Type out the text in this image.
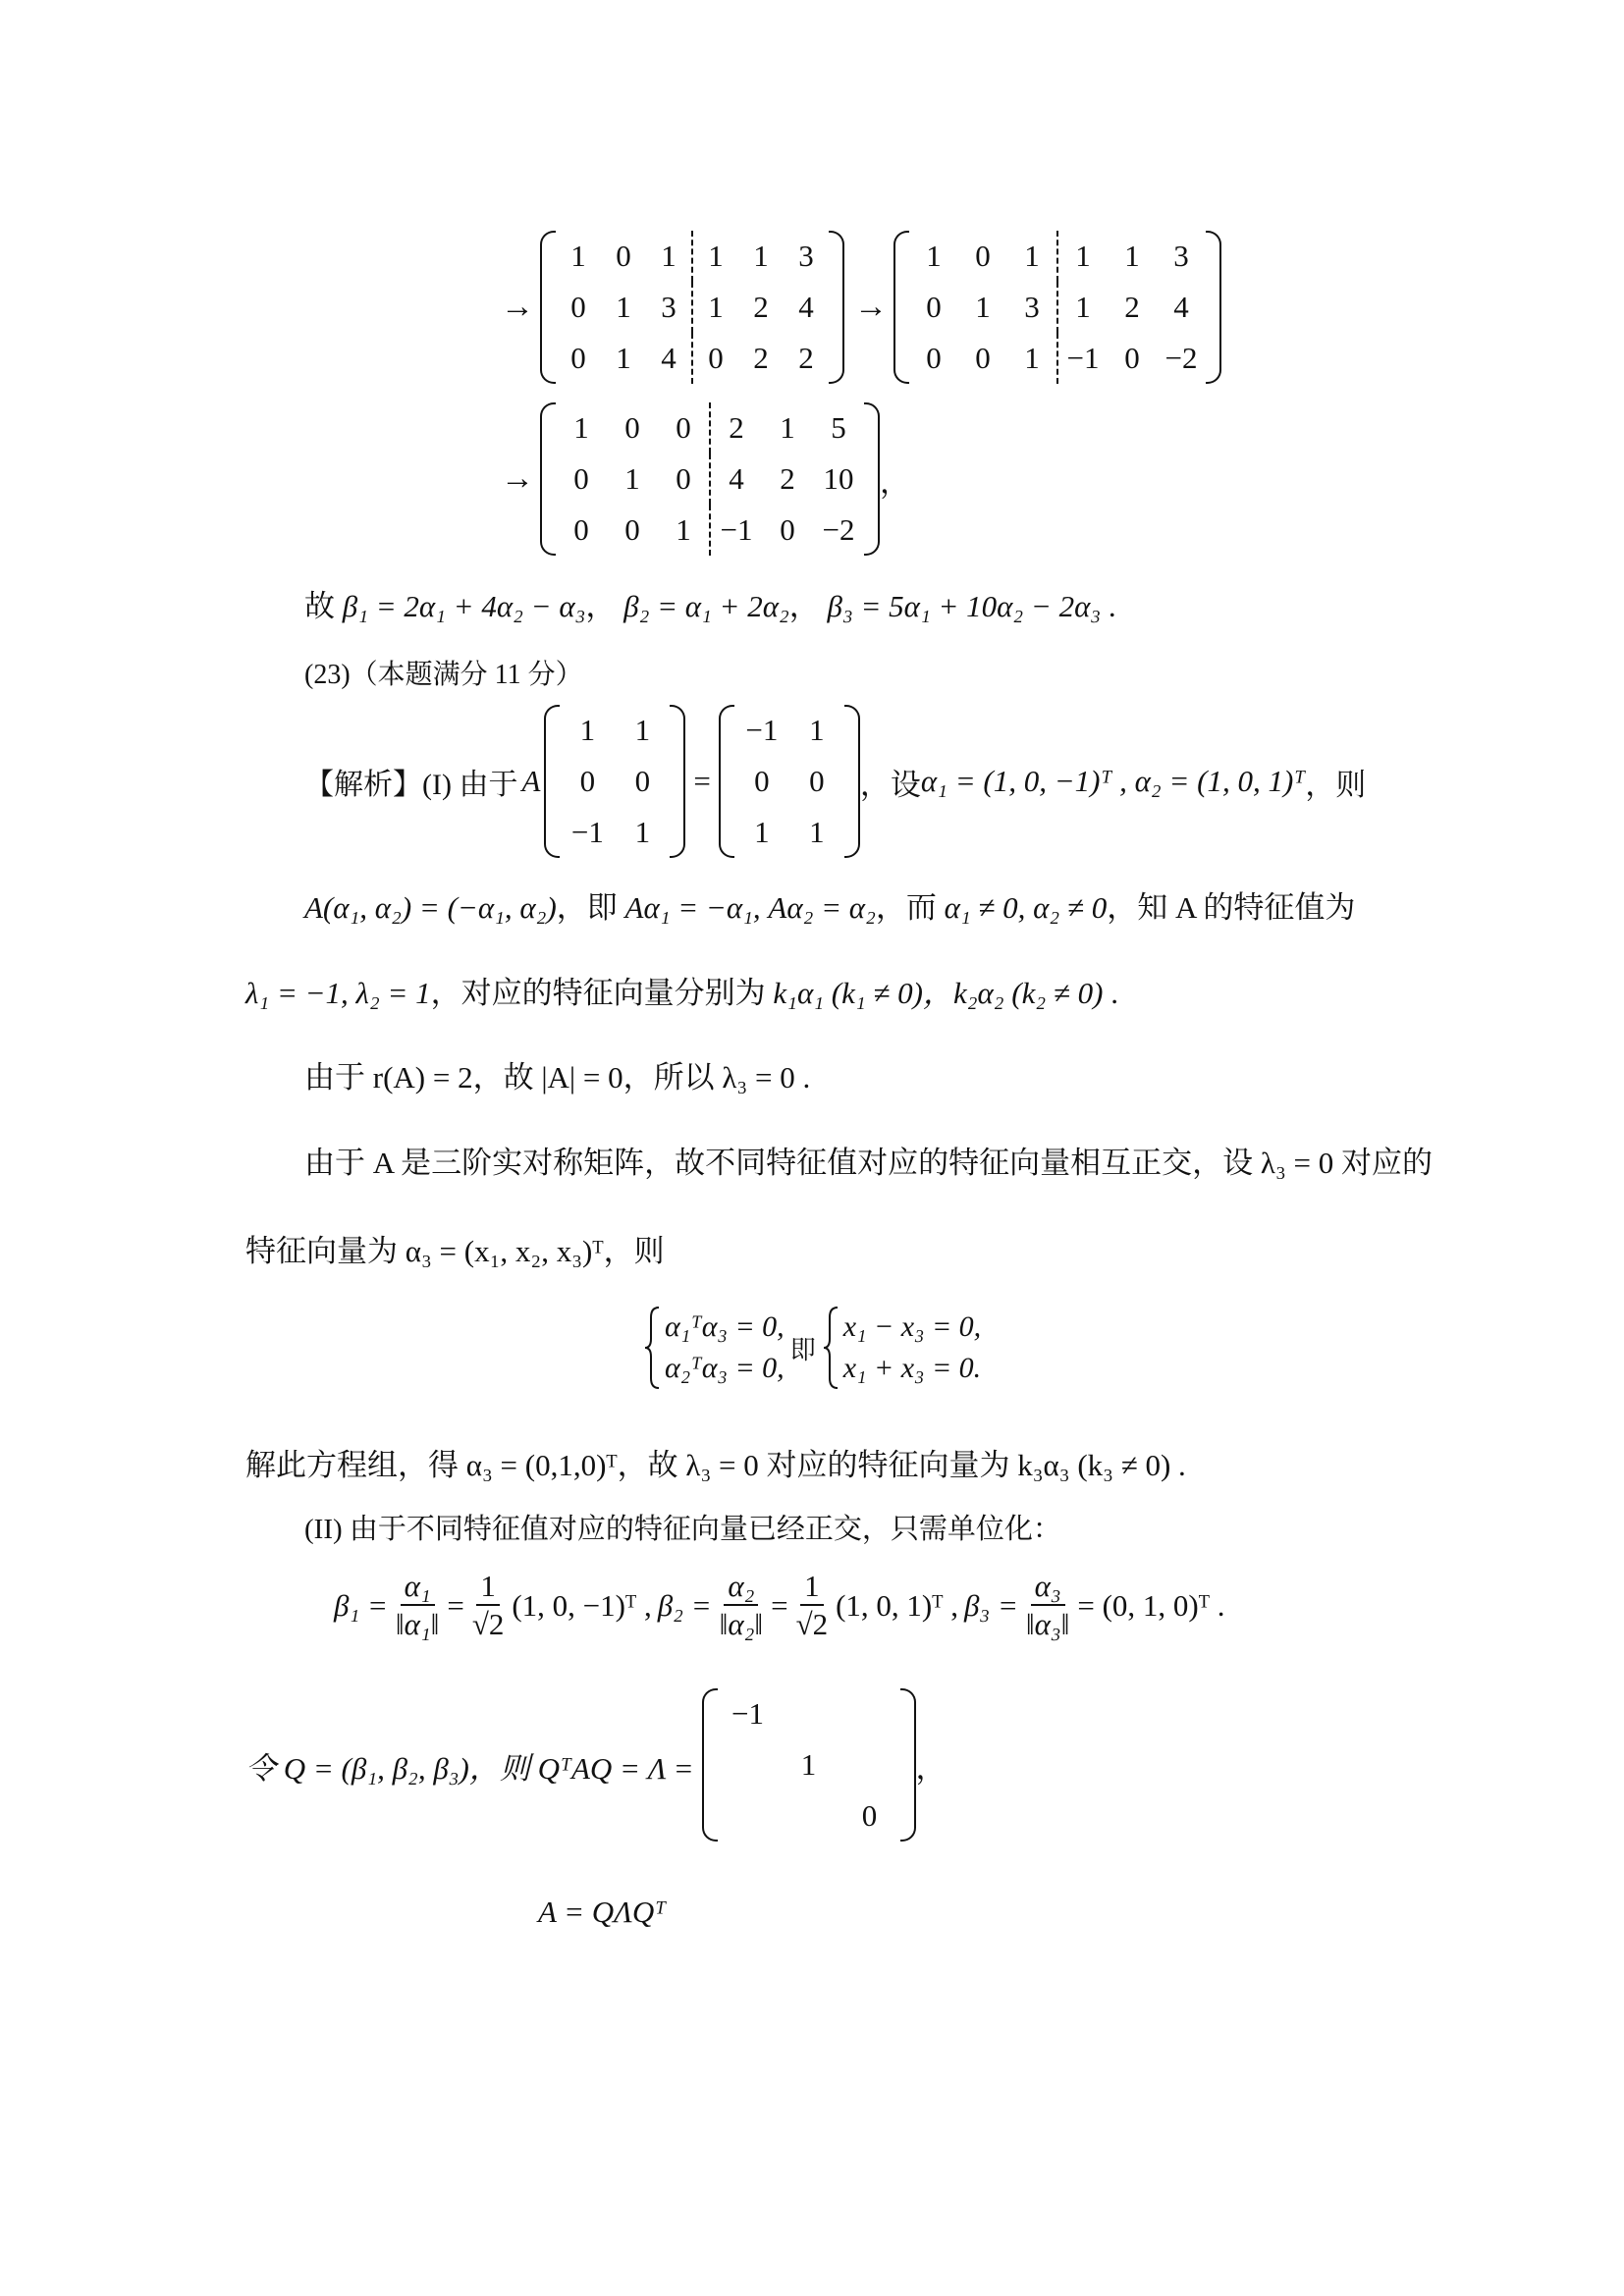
→
1	0	1	1	1	3
0	1	3	1	2	4
0	1	4	0	2	2
→
1	0	1	1	1	3
0	1	3	1	2	4
0	0	1	−1	0	−2
→
1	0	0	2	1	5
0	1	0	4	2	10
0	0	1	−1	0	−2
，
故 β₁ = 2α₁ + 4α₂ − α₃， β₂ = α₁ + 2α₂， β₃ = 5α₁ + 10α₂ − 2α₃ .
(23)（本题满分 11 分）
【解析】(I) 由于 A
1	1
0	0
−1	1
=
−1	1
0	0
1	1
，设 α₁ = (1, 0, −1)ᵀ , α₂ = (1, 0, 1)ᵀ ，则
A(α₁, α₂) = (−α₁, α₂)，即 Aα₁ = −α₁, Aα₂ = α₂，而 α₁ ≠ 0, α₂ ≠ 0，知 A 的特征值为
λ₁ = −1, λ₂ = 1，对应的特征向量分别为 k₁α₁ (k₁ ≠ 0)，k₂α₂ (k₂ ≠ 0) .
由于 r(A) = 2，故 |A| = 0，所以 λ₃ = 0 .
由于 A 是三阶实对称矩阵，故不同特征值对应的特征向量相互正交，设 λ₃ = 0 对应的
特征向量为 α₃ = (x₁, x₂, x₃)ᵀ，则
α₁ᵀα₃ = 0,
α₂ᵀα₃ = 0,
即
x₁ − x₃ = 0,
x₁ + x₃ = 0.
解此方程组，得 α₃ = (0,1,0)ᵀ，故 λ₃ = 0 对应的特征向量为 k₃α₃ (k₃ ≠ 0) .
(II) 由于不同特征值对应的特征向量已经正交，只需单位化：
$\beta_1 = \frac{\text{α₁}}{\text{‖α₁‖}} = \frac{1}{√2} (1$, 0, −1)ᵀ , $\beta_2 = \frac{\text{α₂}}{\text{‖α₂‖}} = \frac{1}{√2} (1$, 0, 1)ᵀ , $\beta_3 = \frac{\text{α₃}}{\text{‖α₃‖}} = (0$, 1, 0)ᵀ .
令 Q = (β₁, β₂, β₃)，则 QᵀAQ = Λ =
−1		
	1	
		0
，
A = QΛQᵀ
